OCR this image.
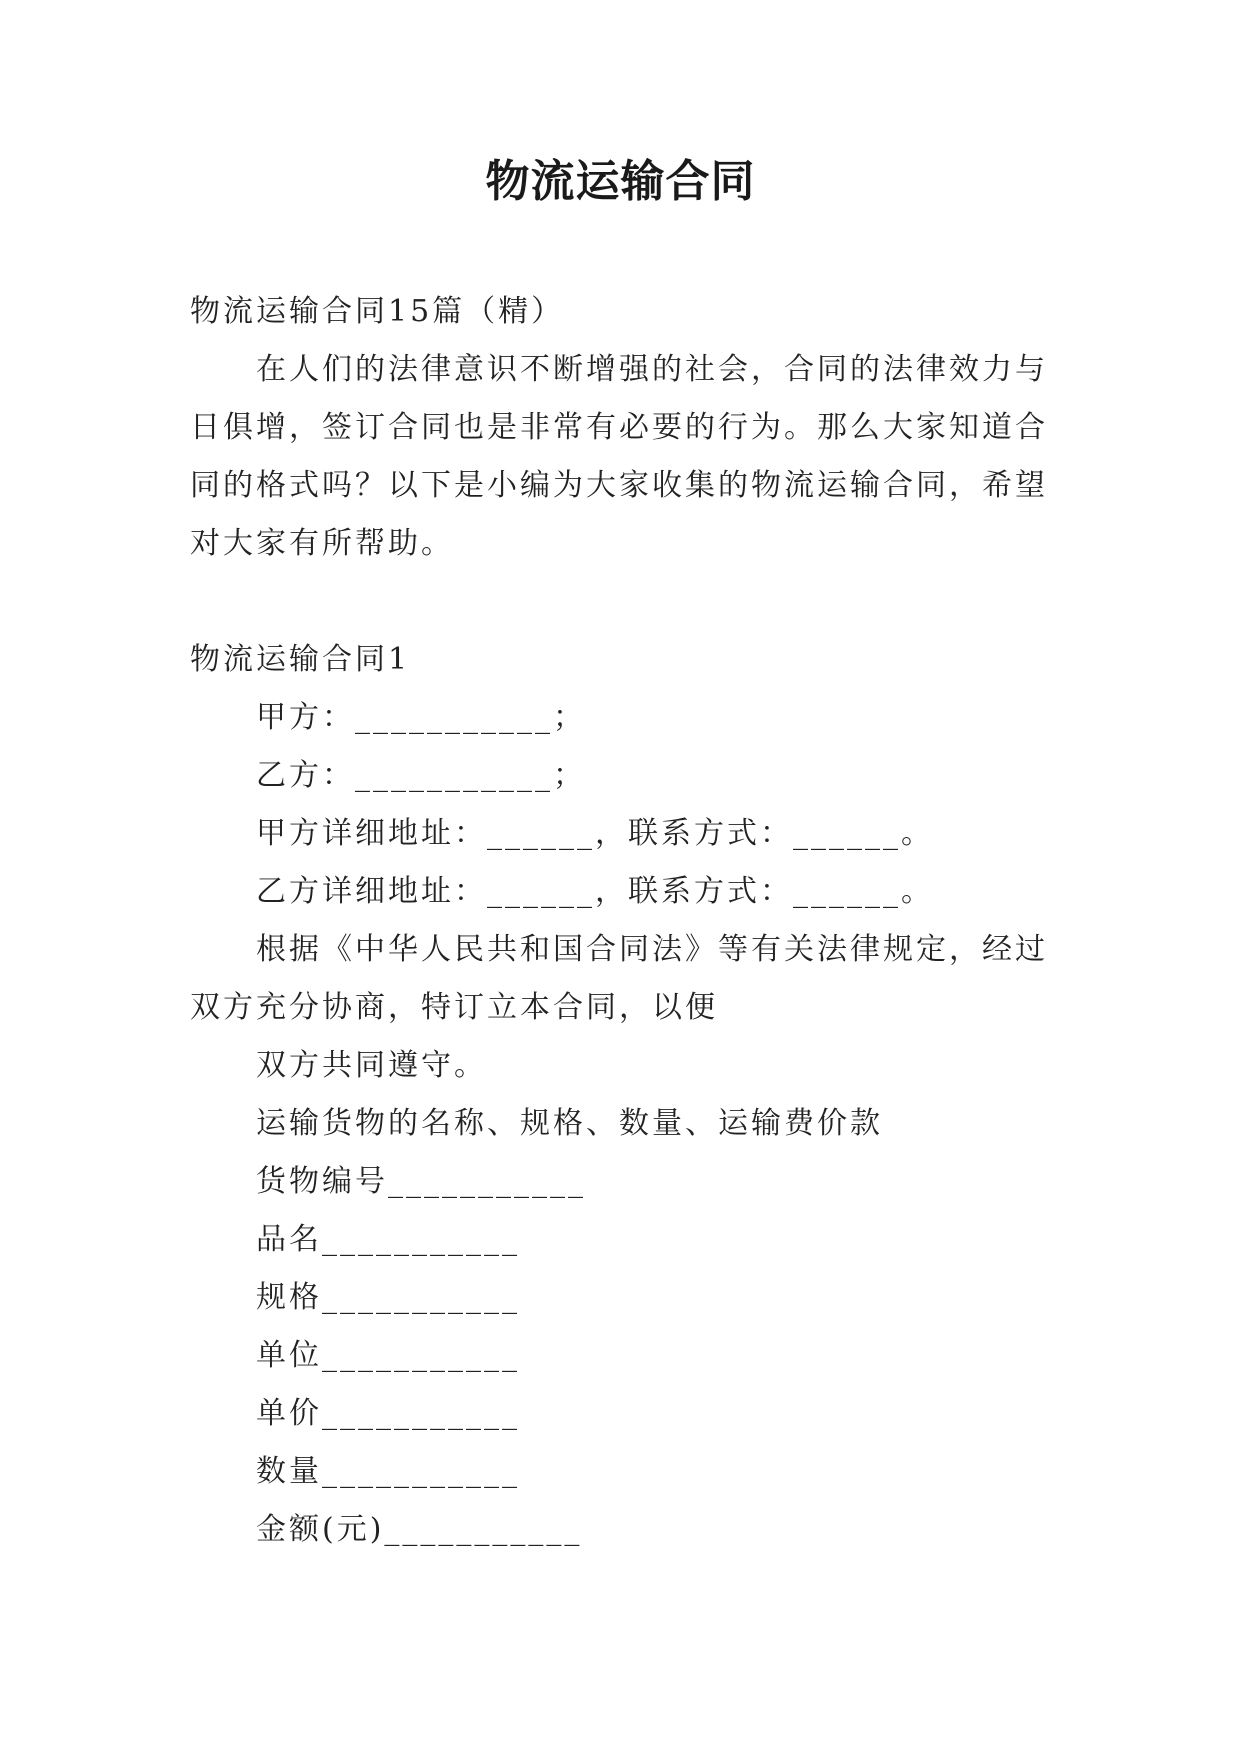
物流运输合同
物流运输合同15篇（精）
在人们的法律意识不断增强的社会，合同的法律效力与
日俱增，签订合同也是非常有必要的行为。那么大家知道合
同的格式吗？以下是小编为大家收集的物流运输合同，希望
对大家有所帮助。
物流运输合同1
甲方：___________；
乙方：___________；
甲方详细地址：______，联系方式：______。
乙方详细地址：______，联系方式：______。
根据《中华人民共和国合同法》等有关法律规定，经过
双方充分协商，特订立本合同，以便
双方共同遵守。
运输货物的名称、规格、数量、运输费价款
货物编号___________
品名___________
规格___________
单位___________
单价___________
数量___________
金额(元)___________
